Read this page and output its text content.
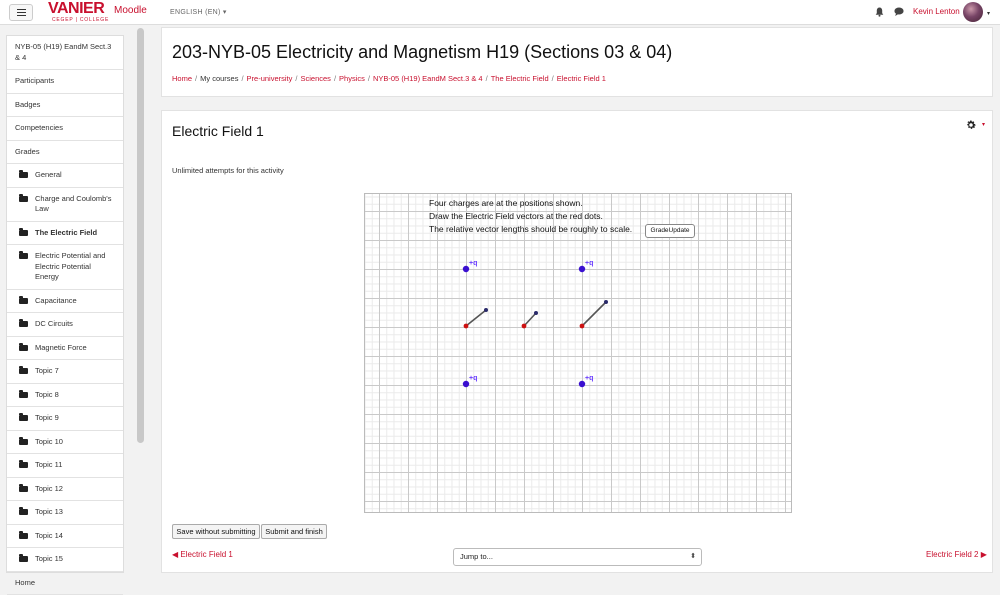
VANIER
CEGEP | COLLEGE
Moodle	ENGLISH (EN) ▾	Kevin Lenton	▾
NYB-05 (H19) EandM Sect.3 & 4
Participants
Badges
Competencies
Grades
General
Charge and Coulomb's Law
The Electric Field
Electric Potential and Electric Potential Energy
Capacitance
DC Circuits
Magnetic Force
Topic 7
Topic 8
Topic 9
Topic 10
Topic 11
Topic 12
Topic 13
Topic 14
Topic 15
Home
203-NYB-05 Electricity and Magnetism H19 (Sections 03 & 04)
Home / My courses / Pre-university / Sciences / Physics / NYB-05 (H19) EandM Sect.3 & 4 / The Electric Field / Electric Field 1
Electric Field 1	▾
Unlimited attempts for this activity
Four charges are at the positions shown.
Draw the Electric Field vectors at the red dots.
The relative vector lengths should be roughly to scale.	GradeUpdate
+q	+q
+q	+q
Save without submitting	Submit and finish
◀ Electric Field 1	Jump to...	⬍	Electric Field 2 ▶
